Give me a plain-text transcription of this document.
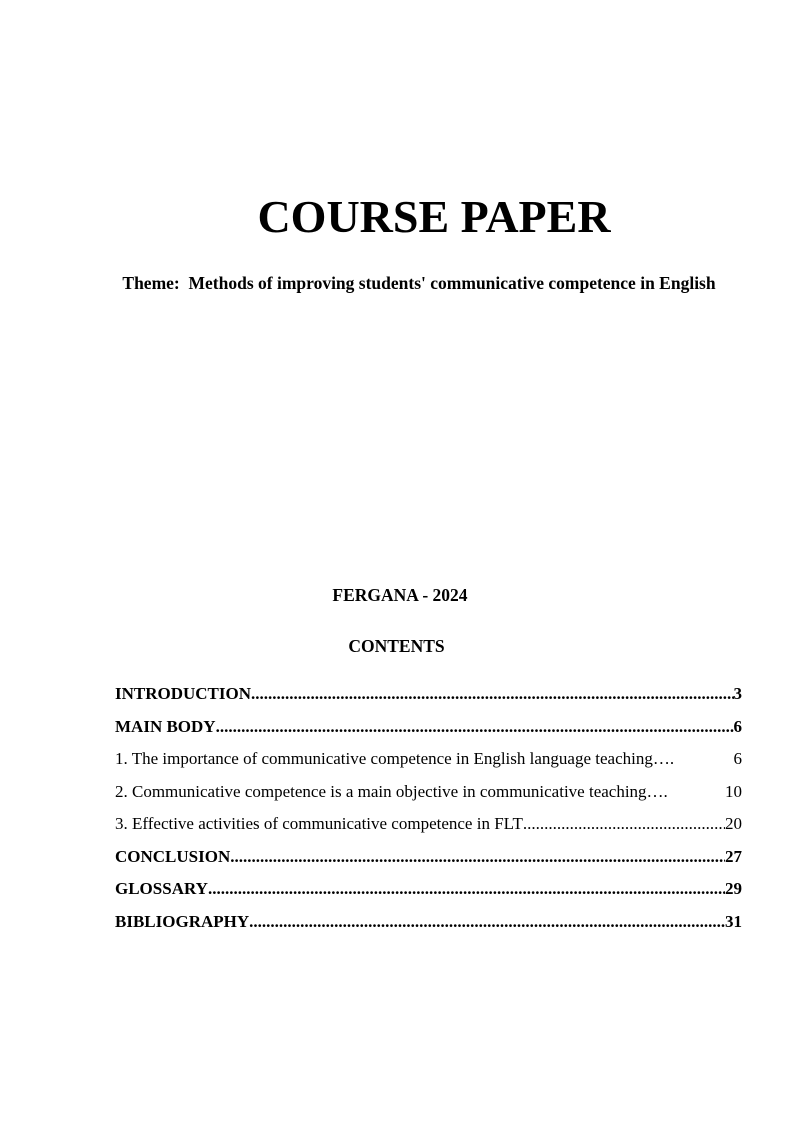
COURSE PAPER
Theme:  Methods of improving students' communicative competence in English
FERGANA - 2024
CONTENTS
INTRODUCTION .....	3
MAIN BODY .....	6
1. The importance of communicative competence in English language teaching….	6
2. Communicative competence is a main objective in communicative teaching….	10
3. Effective activities of communicative competence in FLT .....	20
CONCLUSION .....	27
GLOSSARY .....	29
BIBLIOGRAPHY .....	31
